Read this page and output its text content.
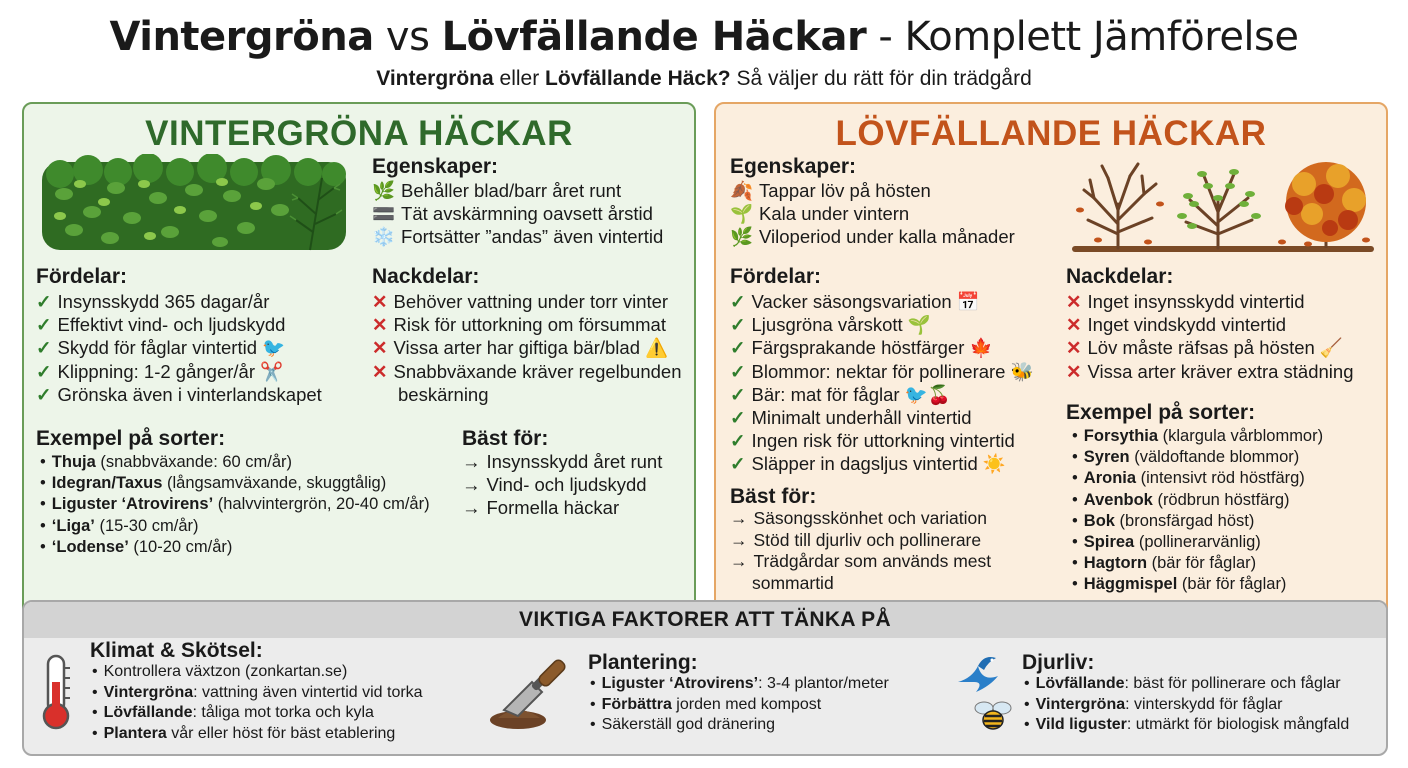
Vintergröna vs Lövfällande Häckar - Komplett Jämförelse
Vintergröna eller Lövfällande Häck? Så väljer du rätt för din trädgård
VINTERGRÖNA HÄCKAR
Egenskaper:
🌿 Behåller blad/barr året runt
🟰 Tät avskärmning oavsett årstid
❄️ Fortsätter ”andas” även vintertid
Fördelar:
✓ Insynsskydd 365 dagar/år
✓ Effektivt vind- och ljudskydd
✓ Skydd för fåglar vintertid 🐦
✓ Klippning: 1-2 gånger/år ✂️
✓ Grönska även i vinterlandskapet
Nackdelar:
✕ Behöver vattning under torr vinter
✕ Risk för uttorkning om försummat
✕ Vissa arter har giftiga bär/blad ⚠️
✕ Snabbväxande kräver regelbunden beskärning
Exempel på sorter:
• Thuja (snabbväxande: 60 cm/år)
• Idegran/Taxus (långsamväxande, skuggtålig)
• Liguster ‘Atrovirens’ (halvvintergrön, 20-40 cm/år)
• ‘Liga’ (15-30 cm/år)
• ‘Lodense’ (10-20 cm/år)
Bäst för:
→ Insynsskydd året runt
→ Vind- och ljudskydd
→ Formella häckar
LÖVFÄLLANDE HÄCKAR
Egenskaper:
🍂 Tappar löv på hösten
🌱 Kala under vintern
🌿 Viloperiod under kalla månader
Fördelar:
✓ Vacker säsongsvariation 📅
✓ Ljusgröna vårskott 🌱
✓ Färgsprakande höstfärger 🍁
✓ Blommor: nektar för pollinerare 🐝
✓ Bär: mat för fåglar 🐦🍒
✓ Minimalt underhåll vintertid
✓ Ingen risk för uttorkning vintertid
✓ Släpper in dagsljus vintertid ☀️
Bäst för:
→ Säsongsskönhet och variation
→ Stöd till djurliv och pollinerare
→ Trädgårdar som används mest sommartid
Nackdelar:
✕ Inget insynsskydd vintertid
✕ Inget vindskydd vintertid
✕ Löv måste räfsas på hösten 🧹
✕ Vissa arter kräver extra städning
Exempel på sorter:
• Forsythia (klargula vårblommor)
• Syren (väldoftande blommor)
• Aronia (intensivt röd höstfärg)
• Avenbok (rödbrun höstfärg)
• Bok (bronsfärgad höst)
• Spirea (pollinerarvänlig)
• Hagtorn (bär för fåglar)
• Häggmispel (bär för fåglar)
VIKTIGA FAKTORER ATT TÄNKA PÅ
Klimat & Skötsel:
• Kontrollera växtzon (zonkartan.se)
• Vintergröna: vattning även vintertid vid torka
• Lövfällande: tåliga mot torka och kyla
• Plantera vår eller höst för bäst etablering
Plantering:
• Liguster ‘Atrovirens’: 3-4 plantor/meter
• Förbättra jorden med kompost
• Säkerställ god dränering
Djurliv:
• Lövfällande: bäst för pollinerare och fåglar
• Vintergröna: vinterskydd för fåglar
• Vild liguster: utmärkt för biologisk mångfald
